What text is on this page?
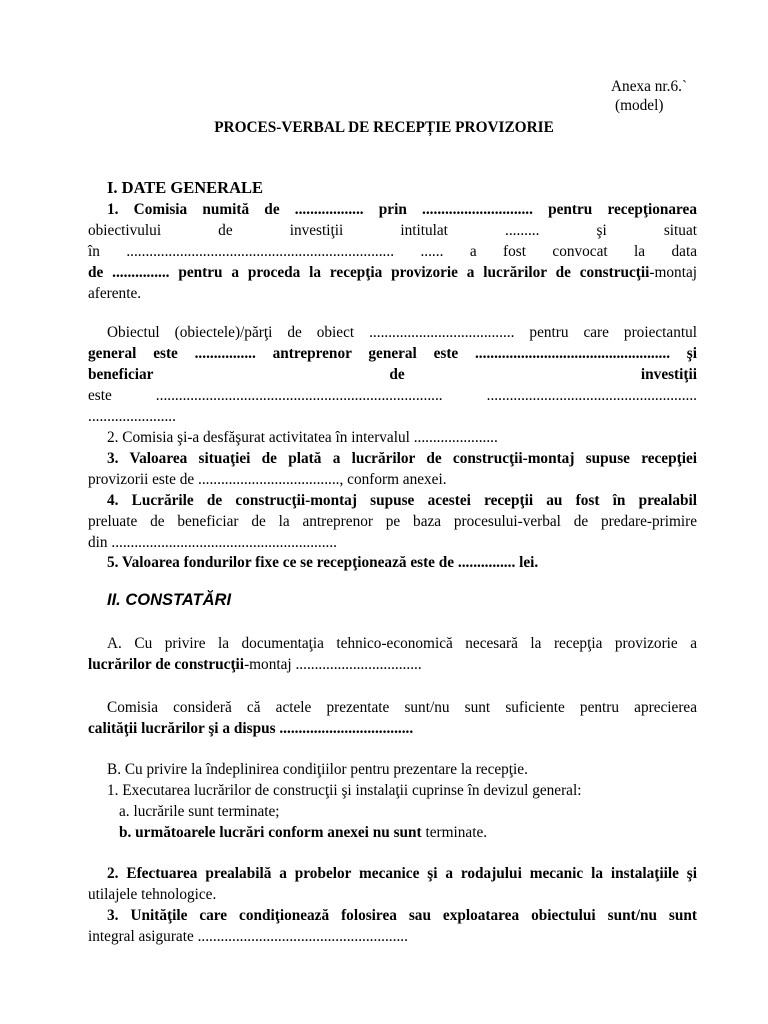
Anexa nr.6.`
(model)
PROCES-VERBAL DE RECEPȚIE PROVIZORIE
I. DATE GENERALE
1. Comisia numită de .................. prin ............................. pentru recepţionarea
obiectivului de investiţii intitulat ......... şi situat
în ...................................................................... ...... a fost convocat la data
de ............... pentru a proceda la recepţia provizorie a lucrărilor de construcţii-montaj
aferente.
Obiectul (obiectele)/părţi de obiect ...................................... pentru care proiectantul
general este ................ antreprenor general este ................................................... şi
beneficiar de investiţii
este ........................................................................... .......................................................
.......................
2. Comisia şi-a desfăşurat activitatea în intervalul ......................
3. Valoarea situaţiei de plată a lucrărilor de construcţii-montaj supuse recepţiei
provizorii este de ....................................., conform anexei.
4. Lucrările de construcţii-montaj supuse acestei recepţii au fost în prealabil
preluate de beneficiar de la antreprenor pe baza procesului-verbal de predare-primire
din ...........................................................
5. Valoarea fondurilor fixe ce se recepţionează este de ............... lei.
II. CONSTATĂRI
A. Cu privire la documentaţia tehnico-economică necesară la recepţia provizorie a
lucrărilor de construcţii-montaj .................................
Comisia consideră că actele prezentate sunt/nu sunt suficiente pentru aprecierea
calităţii lucrărilor şi a dispus ...................................
B. Cu privire la îndeplinirea condiţiilor pentru prezentare la recepţie.
1. Executarea lucrărilor de construcţii şi instalaţii cuprinse în devizul general:
a. lucrările sunt terminate;
b. următoarele lucrări conform anexei nu sunt terminate.
2. Efectuarea prealabilă a probelor mecanice şi a rodajului mecanic la instalaţiile şi
utilajele tehnologice.
3. Unităţile care condiţionează folosirea sau exploatarea obiectului sunt/nu sunt
integral asigurate .......................................................
